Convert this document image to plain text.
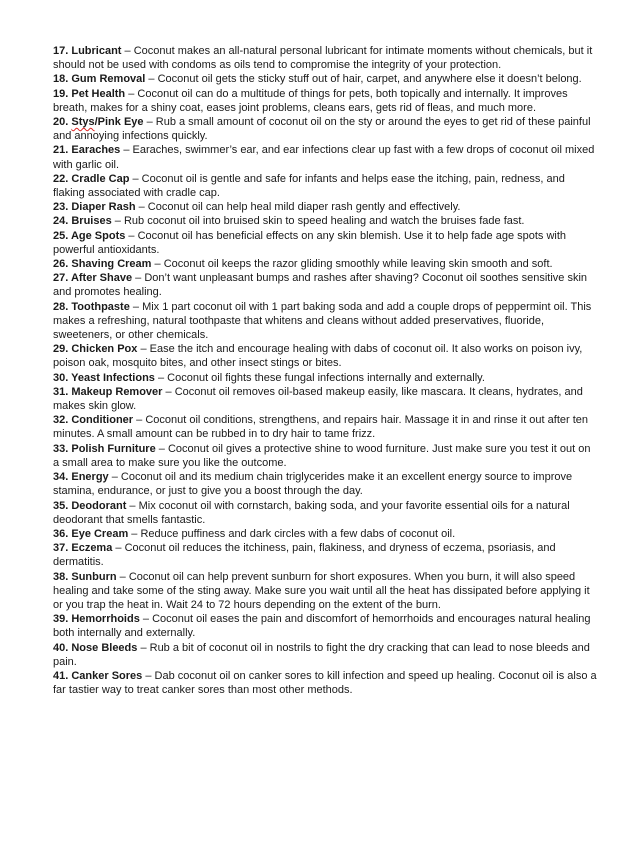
17. Lubricant – Coconut makes an all-natural personal lubricant for intimate moments without chemicals, but it should not be used with condoms as oils tend to compromise the integrity of your protection.

18. Gum Removal – Coconut oil gets the sticky stuff out of hair, carpet, and anywhere else it doesn’t belong.

19. Pet Health – Coconut oil can do a multitude of things for pets, both topically and internally. It improves breath, makes for a shiny coat, eases joint problems, cleans ears, gets rid of fleas, and much more.

20. Stys/Pink Eye – Rub a small amount of coconut oil on the sty or around the eyes to get rid of these painful and annoying infections quickly.

21. Earaches – Earaches, swimmer’s ear, and ear infections clear up fast with a few drops of coconut oil mixed with garlic oil.

22. Cradle Cap – Coconut oil is gentle and safe for infants and helps ease the itching, pain, redness, and flaking associated with cradle cap.

23. Diaper Rash – Coconut oil can help heal mild diaper rash gently and effectively.

24. Bruises – Rub coconut oil into bruised skin to speed healing and watch the bruises fade fast.

25. Age Spots – Coconut oil has beneficial effects on any skin blemish. Use it to help fade age spots with powerful antioxidants.

26. Shaving Cream – Coconut oil keeps the razor gliding smoothly while leaving skin smooth and soft.

27. After Shave – Don’t want unpleasant bumps and rashes after shaving? Coconut oil soothes sensitive skin and promotes healing.

28. Toothpaste – Mix 1 part coconut oil with 1 part baking soda and add a couple drops of peppermint oil. This makes a refreshing, natural toothpaste that whitens and cleans without added preservatives, fluoride, sweeteners, or other chemicals.

29. Chicken Pox – Ease the itch and encourage healing with dabs of coconut oil. It also works on poison ivy, poison oak, mosquito bites, and other insect stings or bites.

30. Yeast Infections – Coconut oil fights these fungal infections internally and externally.

31. Makeup Remover – Coconut oil removes oil-based makeup easily, like mascara. It cleans, hydrates, and makes skin glow.

32. Conditioner – Coconut oil conditions, strengthens, and repairs hair. Massage it in and rinse it out after ten minutes. A small amount can be rubbed in to dry hair to tame frizz.

33. Polish Furniture – Coconut oil gives a protective shine to wood furniture. Just make sure you test it out on a small area to make sure you like the outcome.

34. Energy – Coconut oil and its medium chain triglycerides make it an excellent energy source to improve stamina, endurance, or just to give you a boost through the day.

35. Deodorant – Mix coconut oil with cornstarch, baking soda, and your favorite essential oils for a natural deodorant that smells fantastic.

36. Eye Cream – Reduce puffiness and dark circles with a few dabs of coconut oil.

37. Eczema – Coconut oil reduces the itchiness, pain, flakiness, and dryness of eczema, psoriasis, and dermatitis.

38. Sunburn – Coconut oil can help prevent sunburn for short exposures. When you burn, it will also speed healing and take some of the sting away. Make sure you wait until all the heat has dissipated before applying it or you trap the heat in. Wait 24 to 72 hours depending on the extent of the burn.

39. Hemorrhoids – Coconut oil eases the pain and discomfort of hemorrhoids and encourages natural healing both internally and externally.

40. Nose Bleeds – Rub a bit of coconut oil in nostrils to fight the dry cracking that can lead to nose bleeds and pain.

41. Canker Sores – Dab coconut oil on canker sores to kill infection and speed up healing. Coconut oil is also a far tastier way to treat canker sores than most other methods.
